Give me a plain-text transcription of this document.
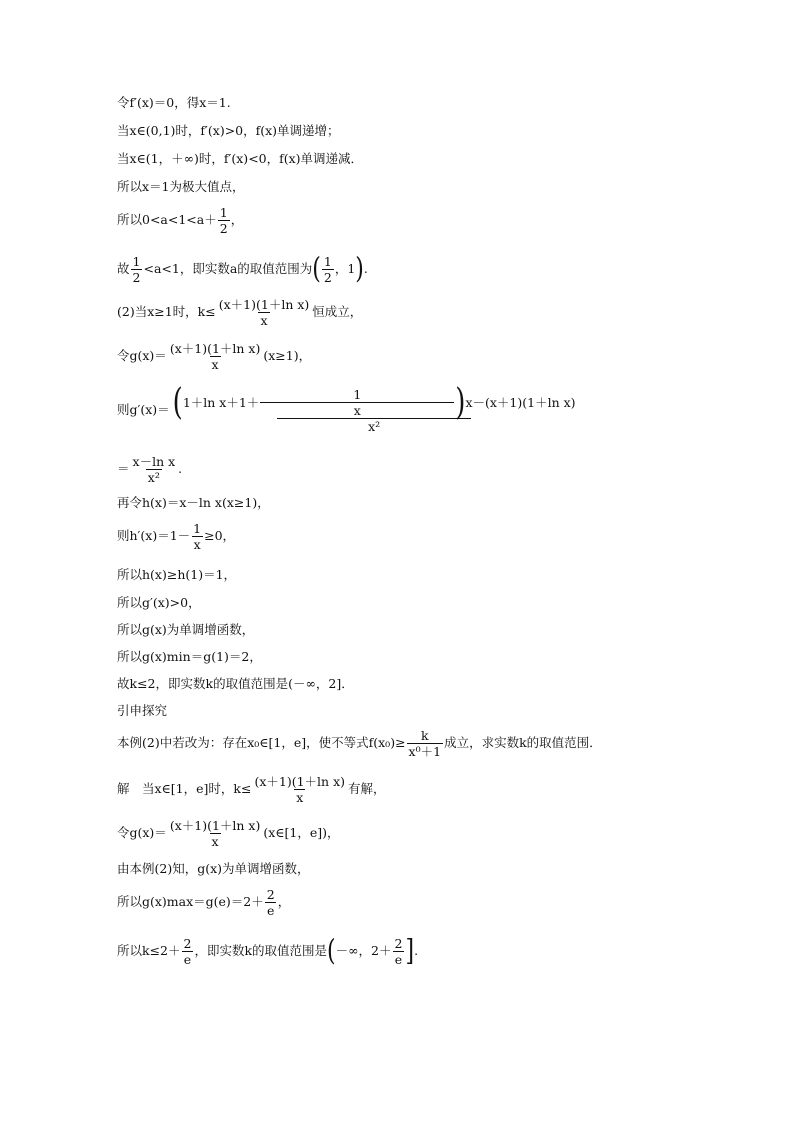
令f′(x)＝0，得x＝1.
当x∈(0,1)时，f′(x)>0，f(x)单调递增；
当x∈(1，＋∞)时，f′(x)<0，f(x)单调递减．
所以x＝1为极大值点，
所以$0<a<1<a+ \frac{1}{2}$ ，
故 $\frac{1}{2} <a<1$，即实数a的取值范围为 ( $\frac{1}{2}$ ，1 ) .
(2)当x≥1时，$k\le \frac{\text{(x＋1)(1＋ln x)}}{x}$ 恒成立，
令$g(x)= \frac{\text{(x＋1)(1＋ln x)}}{x} (x\ge 1)$，
则g′(x)＝ ( 1＋ln $x+1+ \frac{1}{x}$ ) x－(x＋1)(1＋ln x)
x²
＝ $\frac{\text{x－ln x}}{\text{x²}}$ .
再令h(x)＝x－ln x(x≥1)，
则$h'(x)=1- \frac{1}{x} \ge 0$，
所以h(x)≥h(1)＝1，
所以g′(x)>0，
所以g(x)为单调增函数，
所以g(x)min＝g(1)＝2，
故k≤2，即实数k的取值范围是(－∞，2]．
引申探究
本例(2)中若改为：存在x₀∈[1，e]，使不等式$f(x_0)\ge \frac{k}{\text{x⁰＋1}}$ 成立，求实数k的取值范围．
解　当x∈[1，e]时，$k\le \frac{\text{(x＋1)(1＋ln x)}}{x}$ 有解，
令$g(x)= \frac{\text{(x＋1)(1＋ln x)}}{x}$ (x∈[1，e])，
由本例(2)知，g(x)为单调增函数，
所以$g(x)\max=g(e)=2+ \frac{2}{e}$ ，
所以$k\le 2+ \frac{2}{e}$ ，即实数k的取值范围是 ( －∞，$2+ \frac{2}{e}$ ] .
